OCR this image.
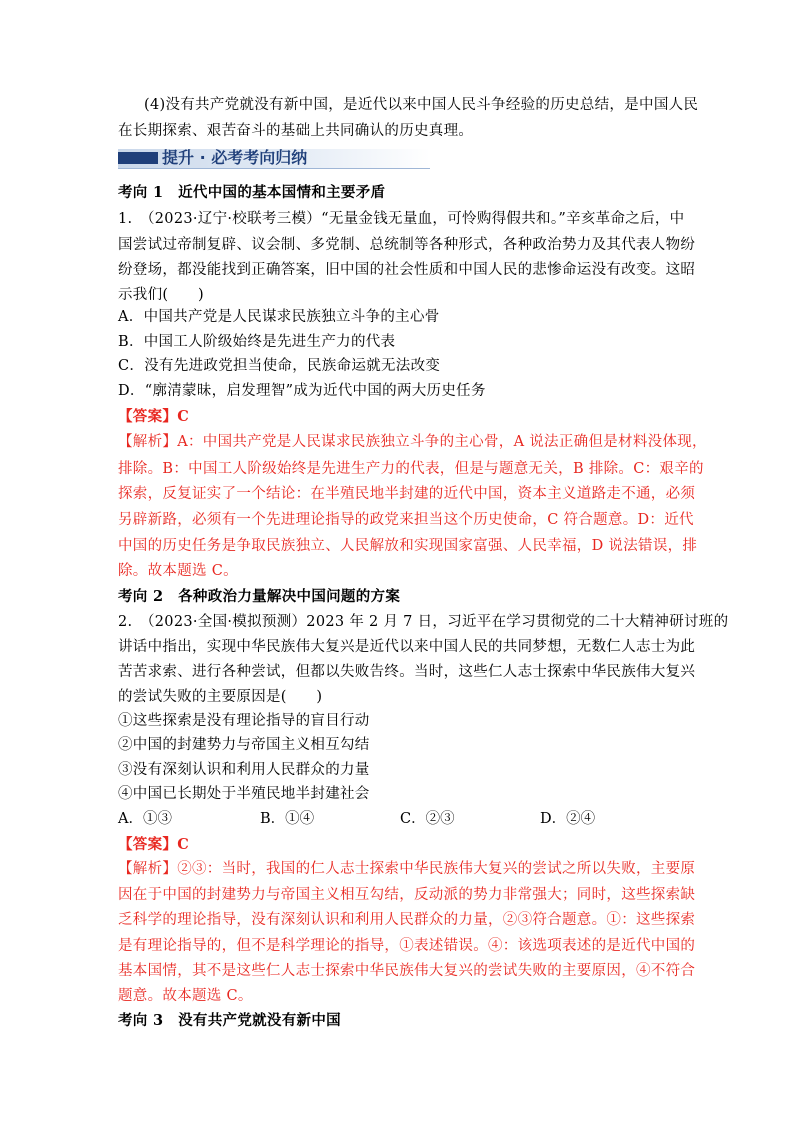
(4)没有共产党就没有新中国，是近代以来中国人民斗争经验的历史总结，是中国人民
在长期探索、艰苦奋斗的基础上共同确认的历史真理。
提升 · 必考考向归纳
考向 1　近代中国的基本国情和主要矛盾
1.　（2023·辽宁·校联考三模）“无量金钱无量血，可怜购得假共和。”辛亥革命之后，中
国尝试过帝制复辟、议会制、多党制、总统制等各种形式，各种政治势力及其代表人物纷
纷登场，都没能找到正确答案，旧中国的社会性质和中国人民的悲惨命运没有改变。这昭
示我们(　　)
A．中国共产党是人民谋求民族独立斗争的主心骨
B．中国工人阶级始终是先进生产力的代表
C．没有先进政党担当使命，民族命运就无法改变
D．“廓清蒙昧，启发理智”成为近代中国的两大历史任务
【答案】C
【解析】A：中国共产党是人民谋求民族独立斗争的主心骨，A 说法正确但是材料没体现，
排除。B：中国工人阶级始终是先进生产力的代表，但是与题意无关，B 排除。C：艰辛的
探索，反复证实了一个结论：在半殖民地半封建的近代中国，资本主义道路走不通，必须
另辟新路，必须有一个先进理论指导的政党来担当这个历史使命，C 符合题意。D：近代
中国的历史任务是争取民族独立、人民解放和实现国家富强、人民幸福，D 说法错误，排
除。故本题选 C。
考向 2　各种政治力量解决中国问题的方案
2.　（2023·全国·模拟预测）2023 年 2 月 7 日，习近平在学习贯彻党的二十大精神研讨班的
讲话中指出，实现中华民族伟大复兴是近代以来中国人民的共同梦想，无数仁人志士为此
苦苦求索、进行各种尝试，但都以失败告终。当时，这些仁人志士探索中华民族伟大复兴
的尝试失败的主要原因是(　　)
①这些探索是没有理论指导的盲目行动
②中国的封建势力与帝国主义相互勾结
③没有深刻认识和利用人民群众的力量
④中国已长期处于半殖民地半封建社会
A．①③	B．①④	C．②③	D．②④
【答案】C
【解析】②③：当时，我国的仁人志士探索中华民族伟大复兴的尝试之所以失败，主要原
因在于中国的封建势力与帝国主义相互勾结，反动派的势力非常强大；同时，这些探索缺
乏科学的理论指导，没有深刻认识和利用人民群众的力量，②③符合题意。①：这些探索
是有理论指导的，但不是科学理论的指导，①表述错误。④：该选项表述的是近代中国的
基本国情，其不是这些仁人志士探索中华民族伟大复兴的尝试失败的主要原因，④不符合
题意。故本题选 C。
考向 3　没有共产党就没有新中国
